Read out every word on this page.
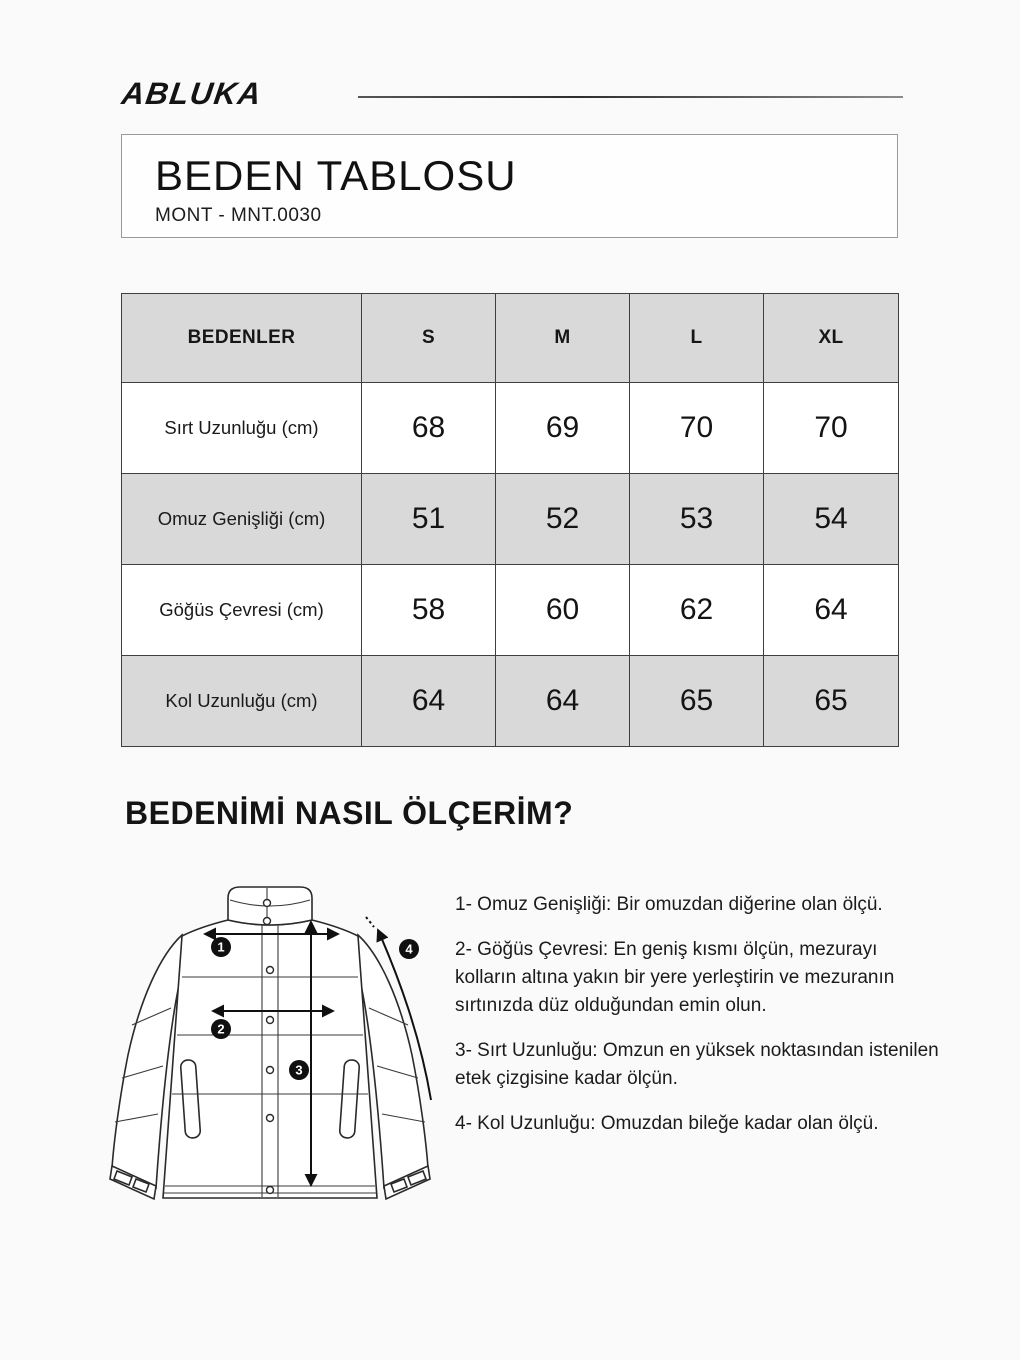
ABLUKA
BEDEN TABLOSU
MONT - MNT.0030
BEDENLER	S	M	L	XL
Sırt Uzunluğu (cm)	68	69	70	70
Omuz Genişliği (cm)	51	52	53	54
Göğüs Çevresi (cm)	58	60	62	64
Kol Uzunluğu (cm)	64	64	65	65
BEDENİMİ NASIL ÖLÇERİM?
1
2
3
4

1- Omuz Genişliği: Bir omuzdan diğerine olan ölçü.

2- Göğüs Çevresi: En geniş kısmı ölçün, mezurayı kolların altına yakın bir yere yerleştirin ve mezuranın sırtınızda düz olduğundan emin olun.

3- Sırt Uzunluğu: Omzun en yüksek noktasından istenilen etek çizgisine kadar ölçün.

4- Kol Uzunluğu: Omuzdan bileğe kadar olan ölçü.
